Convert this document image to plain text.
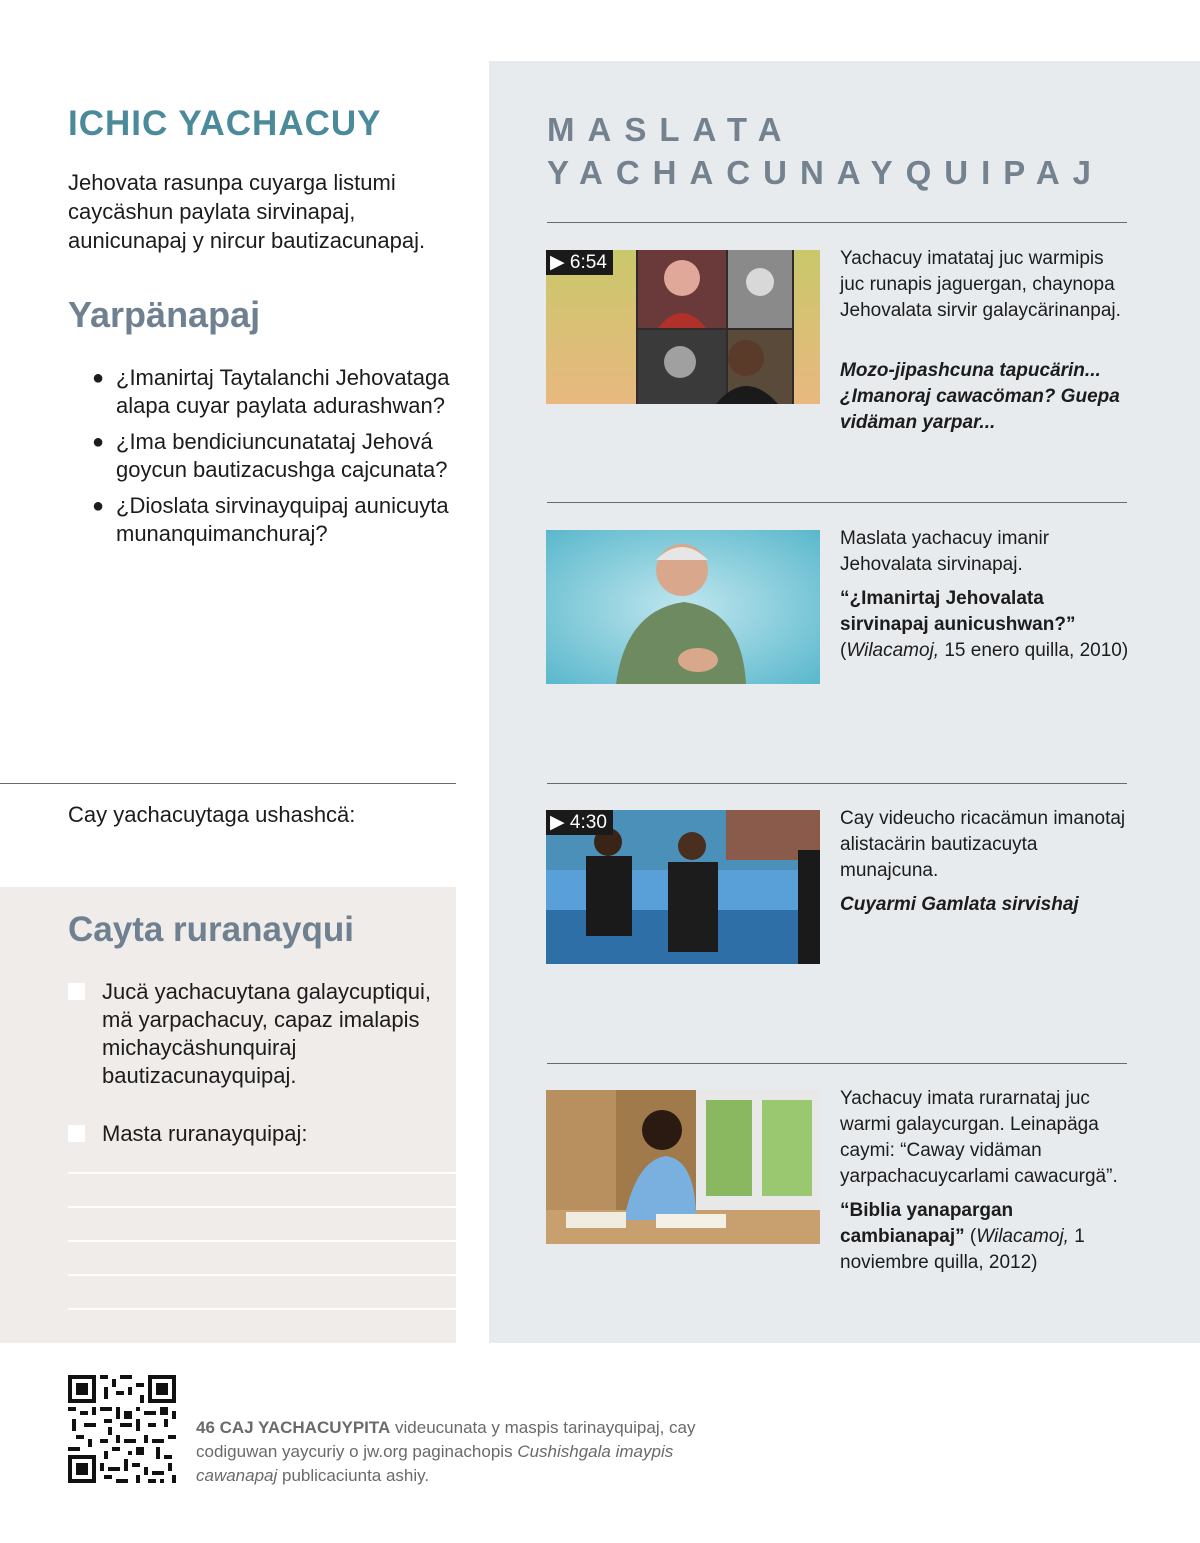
ICHIC YACHACUY

Jehovata rasunpa cuyarga listumi caycäshun paylata sirvinapaj, aunicunapaj y nircur bautizacunapaj.

Yarpänapaj
● ¿Imanirtaj Taytalanchi Jehovataga alapa cuyar paylata adurashwan?
● ¿Ima bendiciuncunatataj Jehová goycun bautizacushga cajcunata?
● ¿Dioslata sirvinayquipaj aunicuyta munanquimanchuraj?

Cay yachacuytaga ushashcä:

Cayta ruranayqui
Jucä yachacuytana galaycuptiqui, mä yarpachacuy, capaz imalapis michaycäshunquiraj bautizacunayquipaj.
Masta ruranayquipaj:
MASLATA
YACHACUNAYQUIPAJ
▶ 6:54	Yachacuy imatataj juc warmipis juc runapis jaguergan, chaynopa Jehovalata sirvir galaycärinanpaj.

Mozo-jipashcuna tapucärin... ¿Imanoraj cawacöman? Guepa vidäman yarpar...

Maslata yachacuy imanir Jehovalata sirvinapaj.

“¿Imanirtaj Jehovalata sirvinapaj aunicushwan?” (Wilacamoj, 15 enero quilla, 2010)

▶ 4:30	Cay videucho ricacämun imanotaj alistacärin bautizacuyta munajcuna.

Cuyarmi Gamlata sirvishaj

Yachacuy imata rurarnataj juc warmi galaycurgan. Leinapäga caymi: “Caway vidäman yarpachacuycarlami cawacurgä”.

“Biblia yanapargan cambianapaj” (Wilacamoj, 1 noviembre quilla, 2012)

46 CAJ YACHACUYPITA videucunata y maspis tarinayquipaj, cay codiguwan yaycuriy o jw.org paginachopis Cushishgala imaypis cawanapaj publicaciunta ashiy.
